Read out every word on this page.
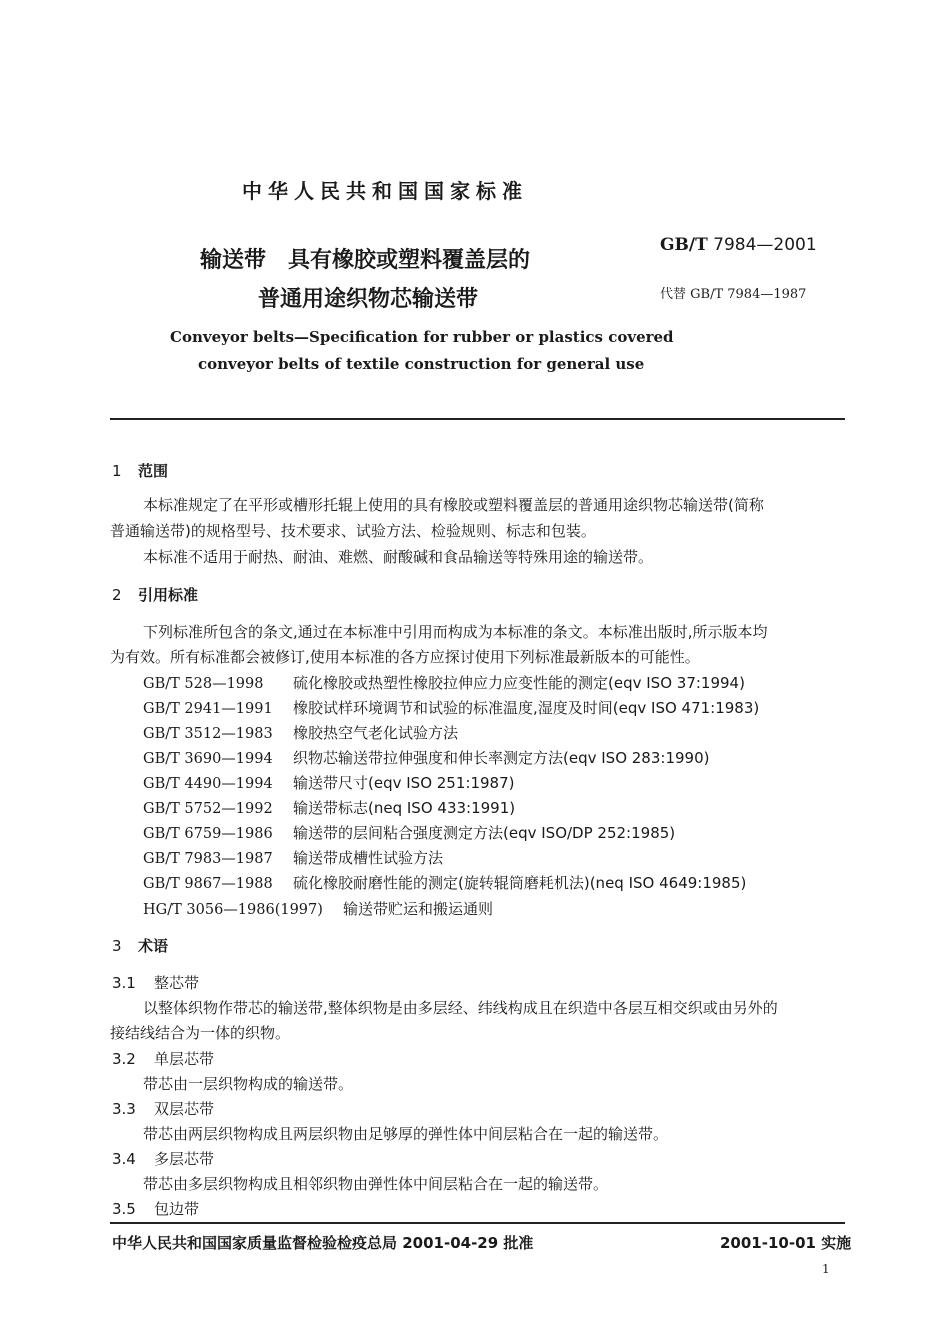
中华人民共和国国家标准
输送带　具有橡胶或塑料覆盖层的
普通用途织物芯输送带
GB/T 7984—2001
代替 GB/T 7984—1987
Conveyor belts—Specification for rubber or plastics covered
conveyor belts of textile construction for general use
1 范围
本标准规定了在平形或槽形托辊上使用的具有橡胶或塑料覆盖层的普通用途织物芯输送带(简称
普通输送带)的规格型号、技术要求、试验方法、检验规则、标志和包装。
本标准不适用于耐热、耐油、难燃、耐酸碱和食品输送等特殊用途的输送带。
2 引用标准
下列标准所包含的条文,通过在本标准中引用而构成为本标准的条文。本标准出版时,所示版本均
为有效。所有标准都会被修订,使用本标准的各方应探讨使用下列标准最新版本的可能性。
GB/T 528—1998 硫化橡胶或热塑性橡胶拉伸应力应变性能的测定(eqv ISO 37:1994)
GB/T 2941—1991 橡胶试样环境调节和试验的标准温度,湿度及时间(eqv ISO 471:1983)
GB/T 3512—1983 橡胶热空气老化试验方法
GB/T 3690—1994 织物芯输送带拉伸强度和伸长率测定方法(eqv ISO 283:1990)
GB/T 4490—1994 输送带尺寸(eqv ISO 251:1987)
GB/T 5752—1992 输送带标志(neq ISO 433:1991)
GB/T 6759—1986 输送带的层间粘合强度测定方法(eqv ISO/DP 252:1985)
GB/T 7983—1987 输送带成槽性试验方法
GB/T 9867—1988 硫化橡胶耐磨性能的测定(旋转辊筒磨耗机法)(neq ISO 4649:1985)
HG/T 3056—1986(1997) 输送带贮运和搬运通则
3 术语
3.1 整芯带
以整体织物作带芯的输送带,整体织物是由多层经、纬线构成且在织造中各层互相交织或由另外的
接结线结合为一体的织物。
3.2 单层芯带
带芯由一层织物构成的输送带。
3.3 双层芯带
带芯由两层织物构成且两层织物由足够厚的弹性体中间层粘合在一起的输送带。
3.4 多层芯带
带芯由多层织物构成且相邻织物由弹性体中间层粘合在一起的输送带。
3.5 包边带
中华人民共和国国家质量监督检验检疫总局 2001-04-29 批准	2001-10-01 实施
1
